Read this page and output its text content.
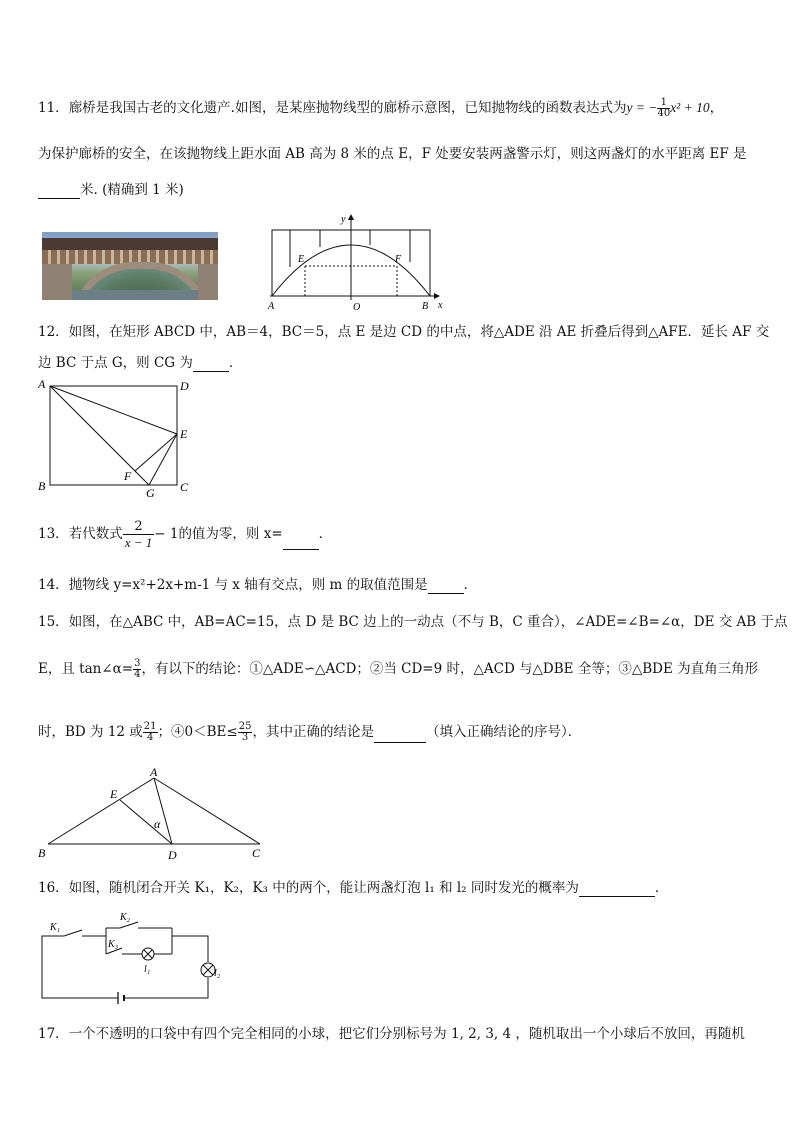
11．廊桥是我国古老的文化遗产.如图，是某座抛物线型的廊桥示意图，已知抛物线的函数表达式为y = − $\frac{1}{40} x^2 + 10$，
为保护廊桥的安全，在该抛物线上距水面 AB 高为 8 米的点 E，F 处要安装两盏警示灯，则这两盏灯的水平距离 EF 是
米. (精确到 1 米)
y
x
E	F
A	O	B
12．如图，在矩形 ABCD 中，AB＝4，BC＝5，点 E 是边 CD 的中点，将△ADE 沿 AE 折叠后得到△AFE．延长 AF 交
边 BC 于点 G，则 CG 为	．
A	D
E
B
F
G C
13．若代数式 $\frac{2}{x - 1} - 1$的值为零，则 x=	．
14．抛物线 y=x²+2x+m-1 与 x 轴有交点，则 m 的取值范围是	．
15．如图，在△ABC 中，AB=AC=15，点 D 是 BC 边上的一动点（不与 B，C 重合），∠ADE=∠B=∠α，DE 交 AB 于点
E，且 tan∠α= $\frac{3}{4}$ ，有以下的结论：①△ADE∽△ACD；②当 CD=9 时，△ACD 与△DBE 全等；③△BDE 为直角三角形
时，BD 为 12 或 $\frac{21}{4}$ ；④0＜BE≤ $\frac{25}{3}$ ，其中正确的结论是	（填入正确结论的序号）．
A
E
α
B	D	C
16．如图，随机闭合开关 K₁，K₂，K₃ 中的两个，能让两盏灯泡 l₁ 和 l₂ 同时发光的概率为	．
K₁
K₂
K₃
l₁	l₂
17．一个不透明的口袋中有四个完全相同的小球，把它们分别标号为 1, 2, 3, 4 ，随机取出一个小球后不放回，再随机
